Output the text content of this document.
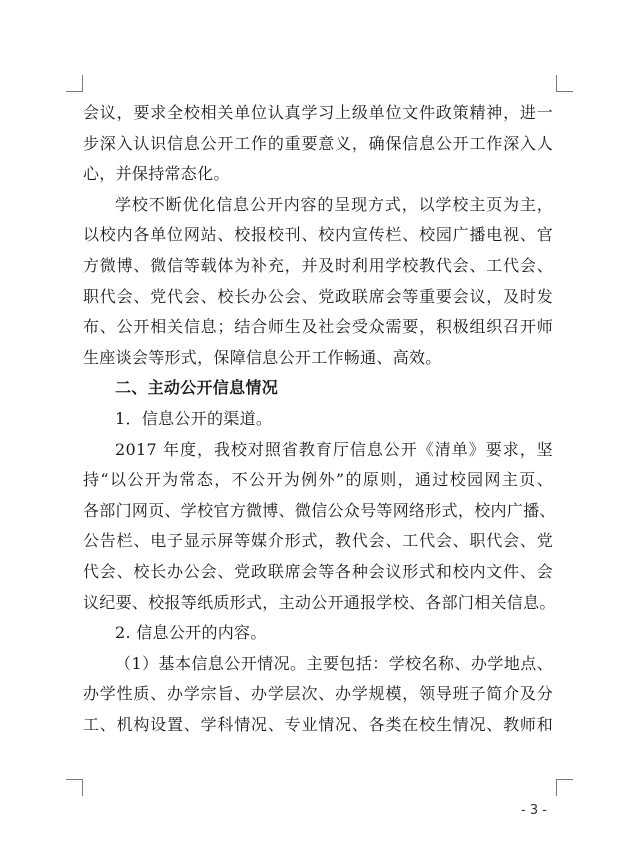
会议，要求全校相关单位认真学习上级单位文件政策精神，进一
步深入认识信息公开工作的重要意义，确保信息公开工作深入人
心，并保持常态化。
学校不断优化信息公开内容的呈现方式，以学校主页为主，
以校内各单位网站、校报校刊、校内宣传栏、校园广播电视、官
方微博、微信等载体为补充，并及时利用学校教代会、工代会、
职代会、党代会、校长办公会、党政联席会等重要会议，及时发
布、公开相关信息；结合师生及社会受众需要，积极组织召开师
生座谈会等形式，保障信息公开工作畅通、高效。
二、主动公开信息情况
1．信息公开的渠道。
2017 年度，我校对照省教育厅信息公开《清单》要求，坚
持“以公开为常态，不公开为例外”的原则，通过校园网主页、
各部门网页、学校官方微博、微信公众号等网络形式，校内广播、
公告栏、电子显示屏等媒介形式，教代会、工代会、职代会、党
代会、校长办公会、党政联席会等各种会议形式和校内文件、会
议纪要、校报等纸质形式，主动公开通报学校、各部门相关信息。
2. 信息公开的内容。
（1）基本信息公开情况。主要包括：学校名称、办学地点、
办学性质、办学宗旨、办学层次、办学规模，领导班子简介及分
工、机构设置、学科情况、专业情况、各类在校生情况、教师和
- 3 -
